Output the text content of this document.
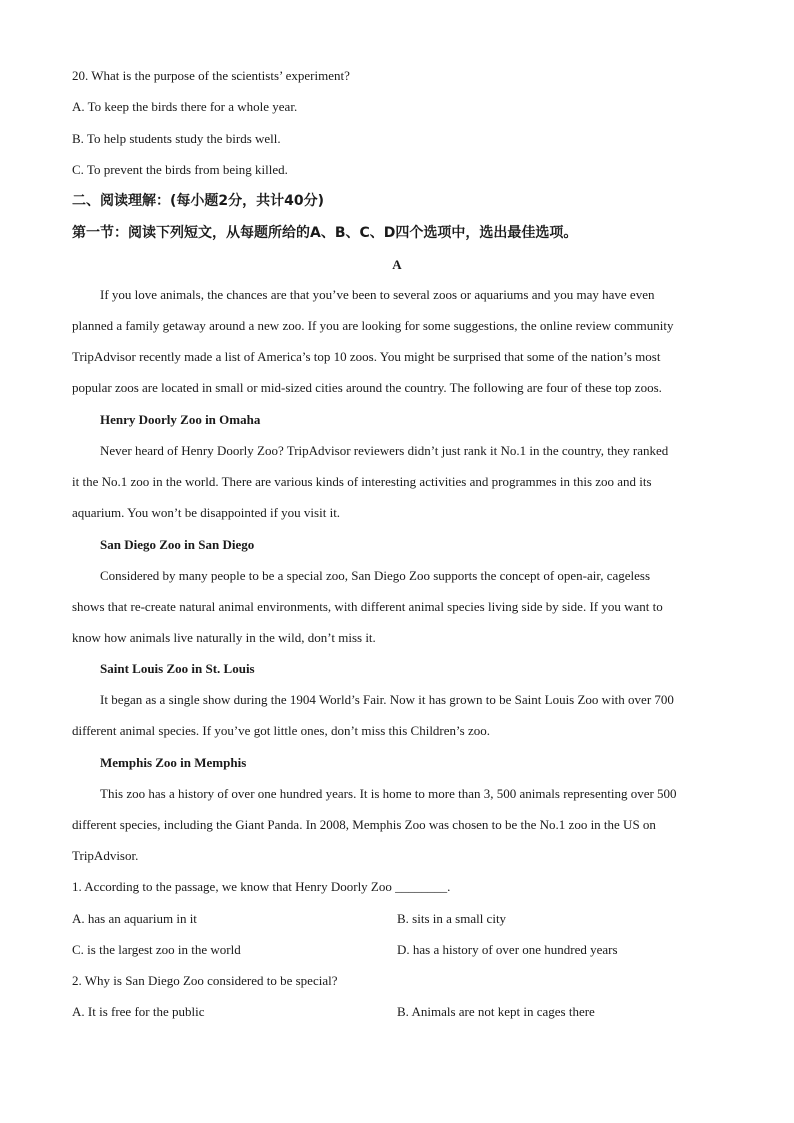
20. What is the purpose of the scientists’ experiment?
A. To keep the birds there for a whole year.
B. To help students study the birds well.
C. To prevent the birds from being killed.
二、阅读理解：(每小题2分，共计40分)
第一节：阅读下列短文，从每题所给的A、B、C、D四个选项中，选出最佳选项。
A
If you love animals, the chances are that you’ve been to several zoos or aquariums and you may have even
planned a family getaway around a new zoo. If you are looking for some suggestions, the online review community
TripAdvisor recently made a list of America’s top 10 zoos. You might be surprised that some of the nation’s most
popular zoos are located in small or mid-sized cities around the country. The following are four of these top zoos.
Henry Doorly Zoo in Omaha
Never heard of Henry Doorly Zoo? TripAdvisor reviewers didn’t just rank it No.1 in the country, they ranked
it the No.1 zoo in the world. There are various kinds of interesting activities and programmes in this zoo and its
aquarium. You won’t be disappointed if you visit it.
San Diego Zoo in San Diego
Considered by many people to be a special zoo, San Diego Zoo supports the concept of open-air, cageless
shows that re-create natural animal environments, with different animal species living side by side. If you want to
know how animals live naturally in the wild, don’t miss it.
Saint Louis Zoo in St. Louis
It began as a single show during the 1904 World’s Fair. Now it has grown to be Saint Louis Zoo with over 700
different animal species. If you’ve got little ones, don’t miss this Children’s zoo.
Memphis Zoo in Memphis
This zoo has a history of over one hundred years. It is home to more than 3, 500 animals representing over 500
different species, including the Giant Panda. In 2008, Memphis Zoo was chosen to be the No.1 zoo in the US on
TripAdvisor.
1. According to the passage, we know that Henry Doorly Zoo ________.
A. has an aquarium in it	B. sits in a small city
C. is the largest zoo in the world	D. has a history of over one hundred years
2. Why is San Diego Zoo considered to be special?
A. It is free for the public	B. Animals are not kept in cages there
